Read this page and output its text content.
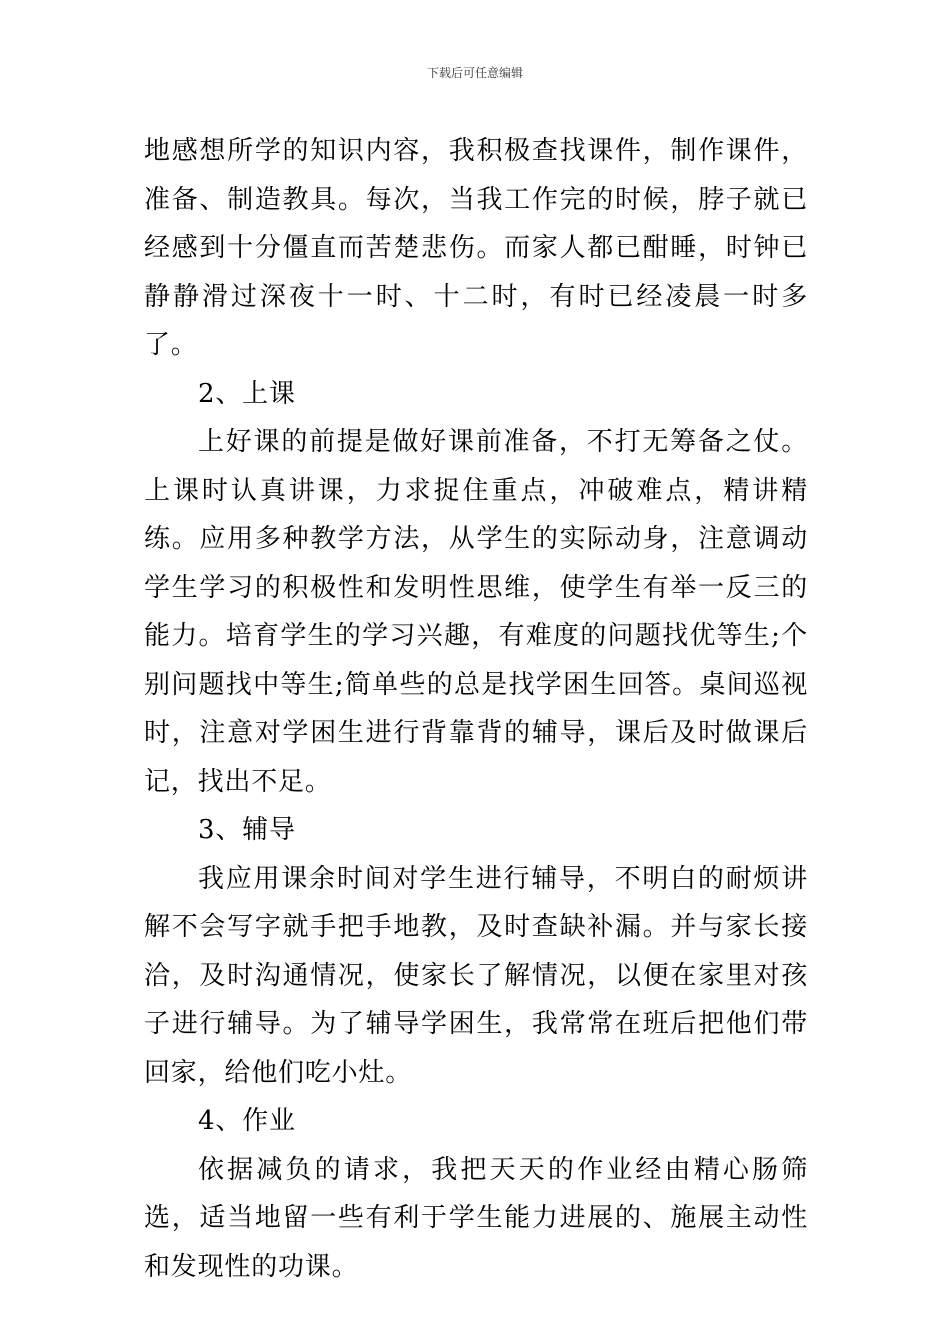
下载后可任意编辑

地感想所学的知识内容，我积极查找课件，制作课件，准备、制造教具。每次，当我工作完的时候，脖子就已经感到十分僵直而苦楚悲伤。而家人都已酣睡，时钟已静静滑过深夜十一时、十二时，有时已经凌晨一时多了。

2、上课

上好课的前提是做好课前准备，不打无筹备之仗。上课时认真讲课，力求捉住重点，冲破难点，精讲精练。应用多种教学方法，从学生的实际动身，注意调动学生学习的积极性和发明性思维，使学生有举一反三的能力。培育学生的学习兴趣，有难度的问题找优等生;个别问题找中等生;简单些的总是找学困生回答。桌间巡视时，注意对学困生进行背靠背的辅导，课后及时做课后记，找出不足。

3、辅导

我应用课余时间对学生进行辅导，不明白的耐烦讲解不会写字就手把手地教，及时查缺补漏。并与家长接洽，及时沟通情况，使家长了解情况，以便在家里对孩子进行辅导。为了辅导学困生，我常常在班后把他们带回家，给他们吃小灶。

4、作业

依据减负的请求，我把天天的作业经由精心肠筛选，适当地留一些有利于学生能力进展的、施展主动性和发现性的功课。
